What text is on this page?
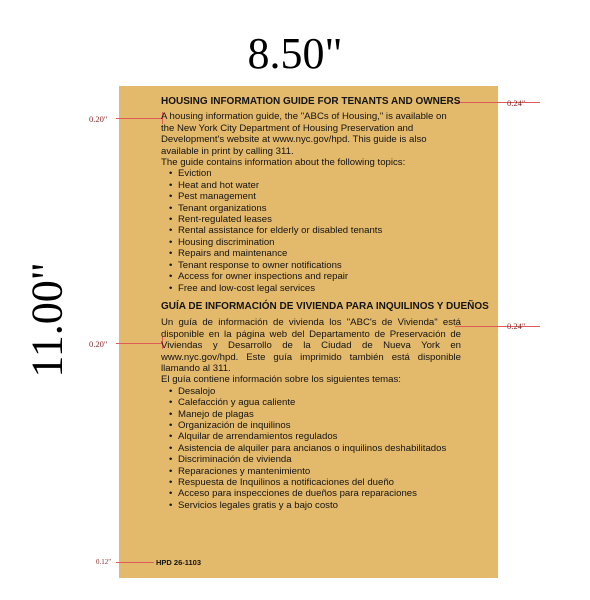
8.50"
11.00"
0.24"
0.20"
0.24"
0.20"
0.12"

HOUSING INFORMATION GUIDE FOR TENANTS AND OWNERS

A housing information guide, the "ABCs of Housing," is available on the New York City Department of Housing Preservation and Development's website at www.nyc.gov/hpd. This guide is also available in print by calling 311.

The guide contains information about the following topics:

• Eviction
• Heat and hot water
• Pest management
• Tenant organizations
• Rent-regulated leases
• Rental assistance for elderly or disabled tenants
• Housing discrimination
• Repairs and maintenance
• Tenant response to owner notifications
• Access for owner inspections and repair
• Free and low-cost legal services

GUÍA DE INFORMACIÓN DE VIVIENDA PARA INQUILINOS Y DUEÑOS

Un guía de información de vivienda los "ABC's de Vivienda" está disponible en la página web del Departamento de Preservación de Viviendas y Desarrollo de la Ciudad de Nueva York en www.nyc.gov/hpd. Este guía imprimido también está disponible llamando al 311.

El guía contiene información sobre los siguientes temas:

• Desalojo
• Calefacción y agua caliente
• Manejo de plagas
• Organización de inquilinos
• Alquilar de arrendamientos regulados
• Asistencia de alquiler para ancianos o inquilinos deshabilitados
• Discriminación de vivienda
• Reparaciones y mantenimiento
• Respuesta de Inquilinos a notificaciones del dueño
• Acceso para inspecciones de dueños para reparaciones
• Servicios legales gratis y a bajo costo
HPD 26-1103
